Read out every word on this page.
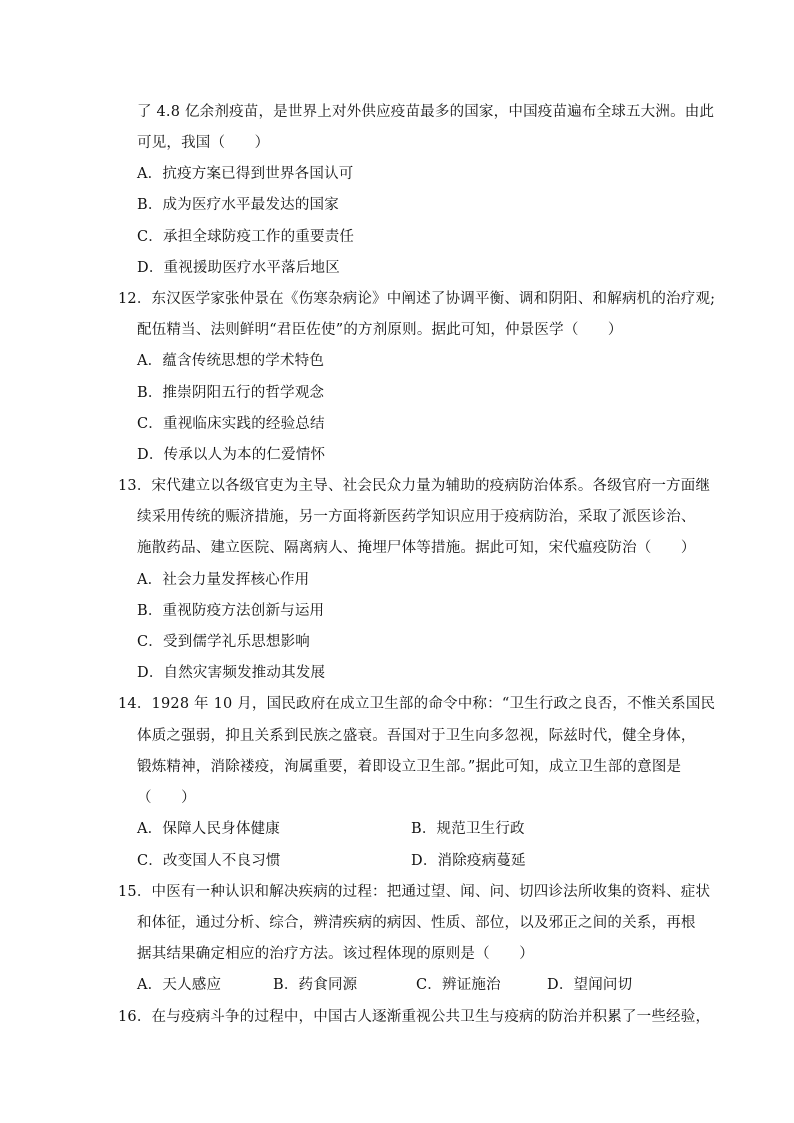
了 4.8 亿余剂疫苗，是世界上对外供应疫苗最多的国家，中国疫苗遍布全球五大洲。由此
可见，我国（　　）
A．抗疫方案已得到世界各国认可
B．成为医疗水平最发达的国家
C．承担全球防疫工作的重要责任
D．重视援助医疗水平落后地区
12．东汉医学家张仲景在《伤寒杂病论》中阐述了协调平衡、调和阴阳、和解病机的治疗观;
配伍精当、法则鲜明“君臣佐使”的方剂原则。据此可知，仲景医学（　　）
A．蕴含传统思想的学术特色
B．推崇阴阳五行的哲学观念
C．重视临床实践的经验总结
D．传承以人为本的仁爱情怀
13．宋代建立以各级官吏为主导、社会民众力量为辅助的疫病防治体系。各级官府一方面继
续采用传统的赈济措施，另一方面将新医药学知识应用于疫病防治，采取了派医诊治、
施散药品、建立医院、隔离病人、掩埋尸体等措施。据此可知，宋代瘟疫防治（　　）
A．社会力量发挥核心作用
B．重视防疫方法创新与运用
C．受到儒学礼乐思想影响
D．自然灾害频发推动其发展
14．1928 年 10 月，国民政府在成立卫生部的命令中称：“卫生行政之良否，不惟关系国民
体质之强弱，抑且关系到民族之盛衰。吾国对于卫生向多忽视，际兹时代，健全身体，
锻炼精神，消除褛疫，洵属重要，着即设立卫生部。”据此可知，成立卫生部的意图是
（　　）
A．保障人民身体健康	B．规范卫生行政
C．改变国人不良习惯	D．消除疫病蔓延
15．中医有一种认识和解决疾病的过程：把通过望、闻、问、切四诊法所收集的资料、症状
和体征，通过分析、综合，辨清疾病的病因、性质、部位，以及邪正之间的关系，再根
据其结果确定相应的治疗方法。该过程体现的原则是（　　）
A．天人感应	B．药食同源	C．辨证施治	D．望闻问切
16．在与疫病斗争的过程中，中国古人逐渐重视公共卫生与疫病的防治并积累了一些经验，
